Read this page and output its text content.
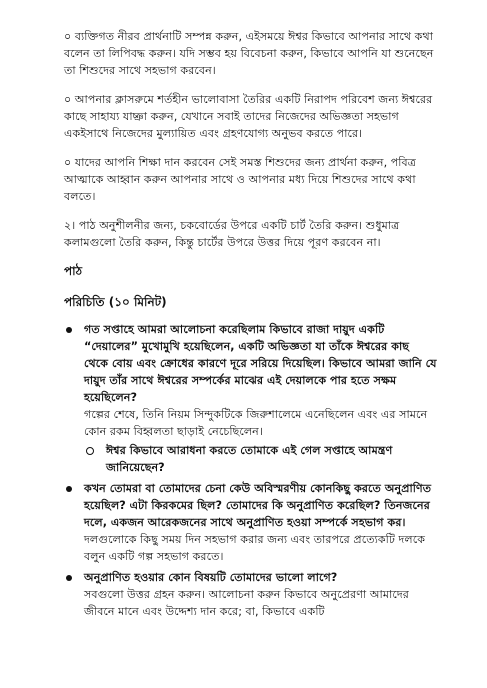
০ ব্যক্তিগত নীরব প্রার্থনাটি সম্পন্ন করুন, এইসময়ে ঈশ্বর কিভাবে আপনার সাথে কথা বলেন তা লিপিবদ্ধ করুন। যদি সম্ভব হয় বিবেচনা করুন, কিভাবে আপনি যা শুনেছেন তা শিশুদের সাথে সহভাগ করবেন।

০ আপনার ক্লাসরুমে শর্তহীন ভালোবাসা তৈরির একটি নিরাপদ পরিবেশ জন্য ঈশ্বরের কাছে সাহায্য যাচ্ঞা করুন, যেখানে সবাই তাদের নিজেদের অভিজ্ঞতা সহভাগ একইসাথে নিজেদের মুল্যায়িত এবং গ্রহণযোগ্য অনুভব করতে পারে।

০ যাদের আপনি শিক্ষা দান করবেন সেই সমস্ত শিশুদের জন্য প্রার্থনা করুন, পবিত্র আত্মাকে আহ্বান করুন আপনার সাথে ও আপনার মধ্য দিয়ে শিশুদের সাথে কথা বলতে।

২। পাঠ অনুশীলনীর জন্য, চকবোর্ডের উপরে একটি চার্ট তৈরি করুন। শুধুমাত্র কলামগুলো তৈরি করুন, কিন্তু চার্টের উপরে উত্তর দিয়ে পূরণ করবেন না।

পাঠ
পরিচিতি (১০ মিনিট)
গত সপ্তাহে আমরা আলোচনা করেছিলাম কিভাবে রাজা দায়ুদ একটি “দেয়ালের” মুখোমুখি হয়েছিলেন, একটি অভিজ্ঞতা যা তাঁকে ঈশ্বরের কাছ থেকে বোয় এবং ক্রোধের কারণে দূরে সরিয়ে দিয়েছিল। কিভাবে আমরা জানি যে দায়ুদ তাঁর সাথে ঈশ্বরের সম্পর্কের মাঝের এই দেয়ালকে পার হতে সক্ষম হয়েছিলেন?
গল্পের শেষে, তিনি নিয়ম সিন্দুকটিকে জিরুশালেমে এনেছিলেন এবং এর সামনে কোন রকম বিহ্বলতা ছাড়াই নেচেছিলেন।
ঈশ্বর কিভাবে আরাধনা করতে তোমাকে এই গেল সপ্তাহে আমন্ত্রণ জানিয়েছেন?
কখন তোমরা বা তোমাদের চেনা কেউ অবিস্মরণীয় কোনকিছু করতে অনুপ্রাণিত হয়েছিল? এটা কিরকমের ছিল? তোমাদের কি অনুপ্রাণিত করেছিল? তিনজনের দলে, একজন আরেকজনের সাথে অনুপ্রাণিত হওয়া সম্পর্কে সহভাগ কর।
দলগুলোকে কিছু সময় দিন সহভাগ করার জন্য এবং তারপরে প্রত্যেকটি দলকে বলুন একটি গল্প সহভাগ করতে।
অনুপ্রাণিত হওয়ার কোন বিষয়টি তোমাদের ভালো লাগে?
সবগুলো উত্তর গ্রহন করুন। আলোচনা করুন কিভাবে অনুপ্রেরণা আমাদের জীবনে মানে এবং উদ্দেশ্য দান করে; বা, কিভাবে একটি
